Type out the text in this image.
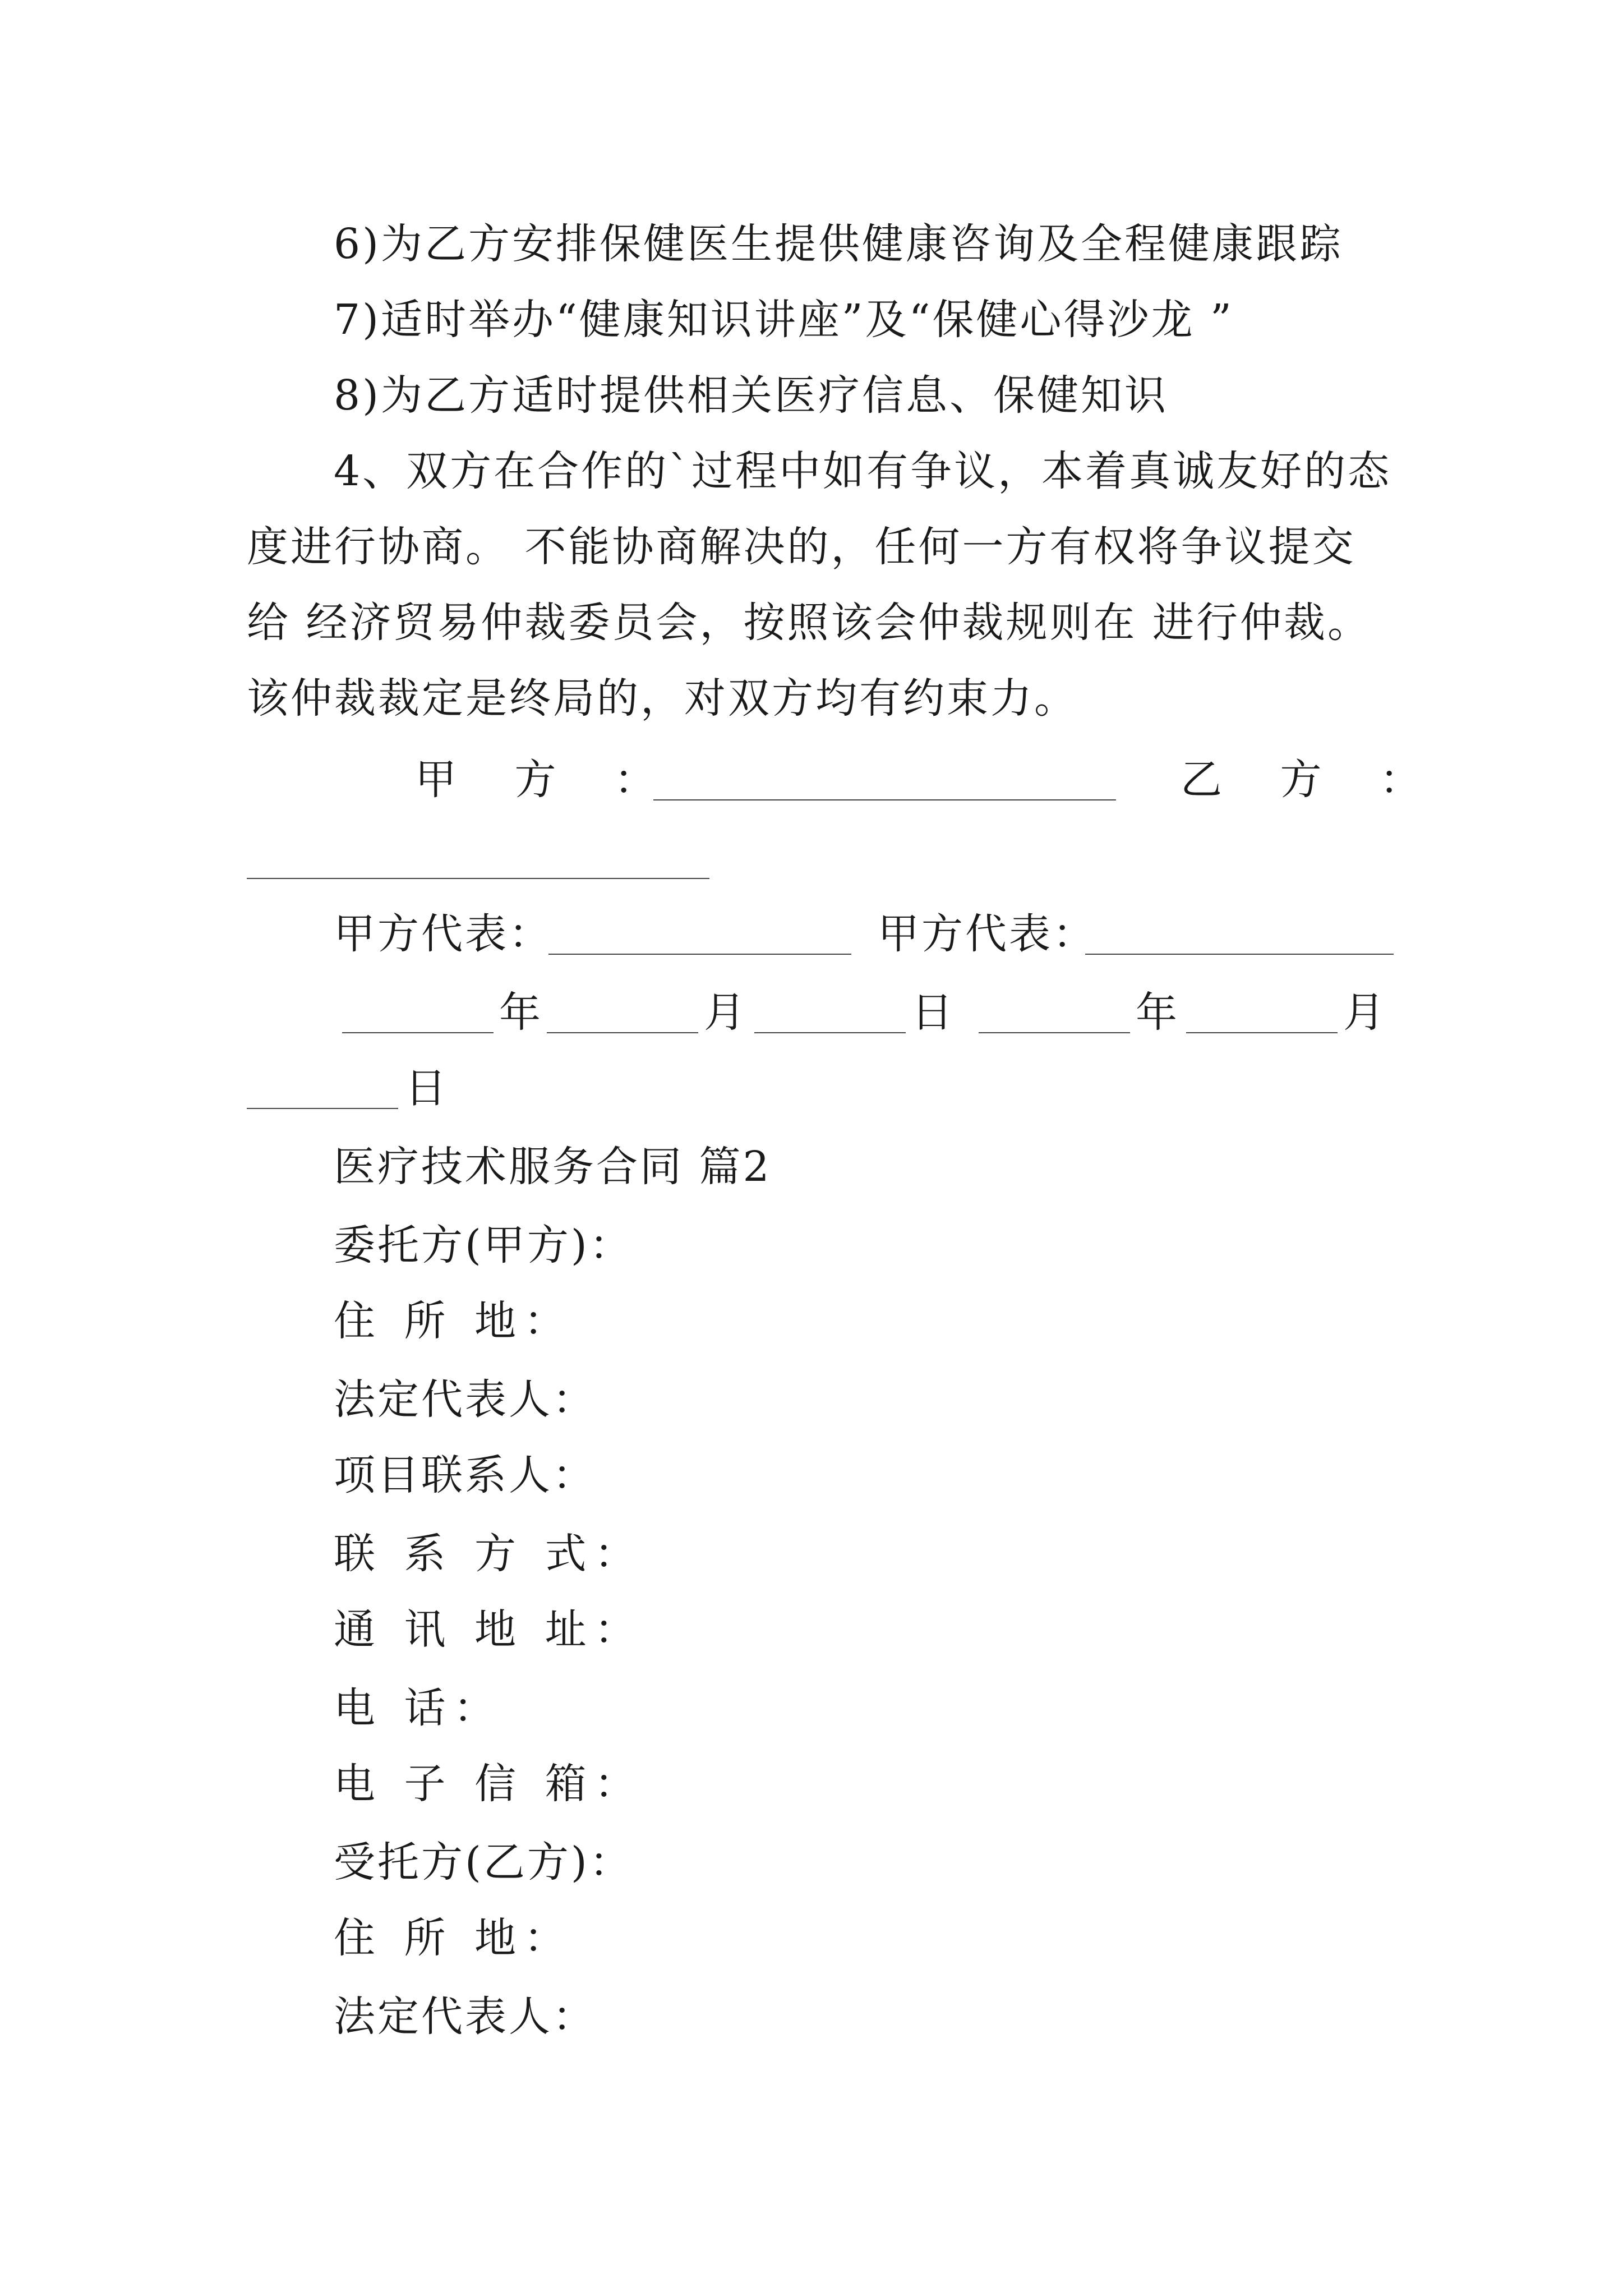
6)为乙方安排保健医生提供健康咨询及全程健康跟踪
7)适时举办“健康知识讲座”及“保健心得沙龙 ”
8)为乙方适时提供相关医疗信息、保健知识
4、双方在合作的`过程中如有争议，本着真诚友好的态
度进行协商。 不能协商解决的，任何一方有权将争议提交
给 经济贸易仲裁委员会，按照该会仲裁规则在 进行仲裁。
该仲裁裁定是终局的，对双方均有约束力。
甲 方 ：	乙 方 ：
甲方代表：	甲方代表：
年	月	日	年	月
日
医疗技术服务合同 篇2
委托方(甲方)：
住 所 地：
法定代表人：
项目联系人：
联 系 方 式：
通 讯 地 址：
电 话：
电 子 信 箱：
受托方(乙方)：
住 所 地：
法定代表人：
